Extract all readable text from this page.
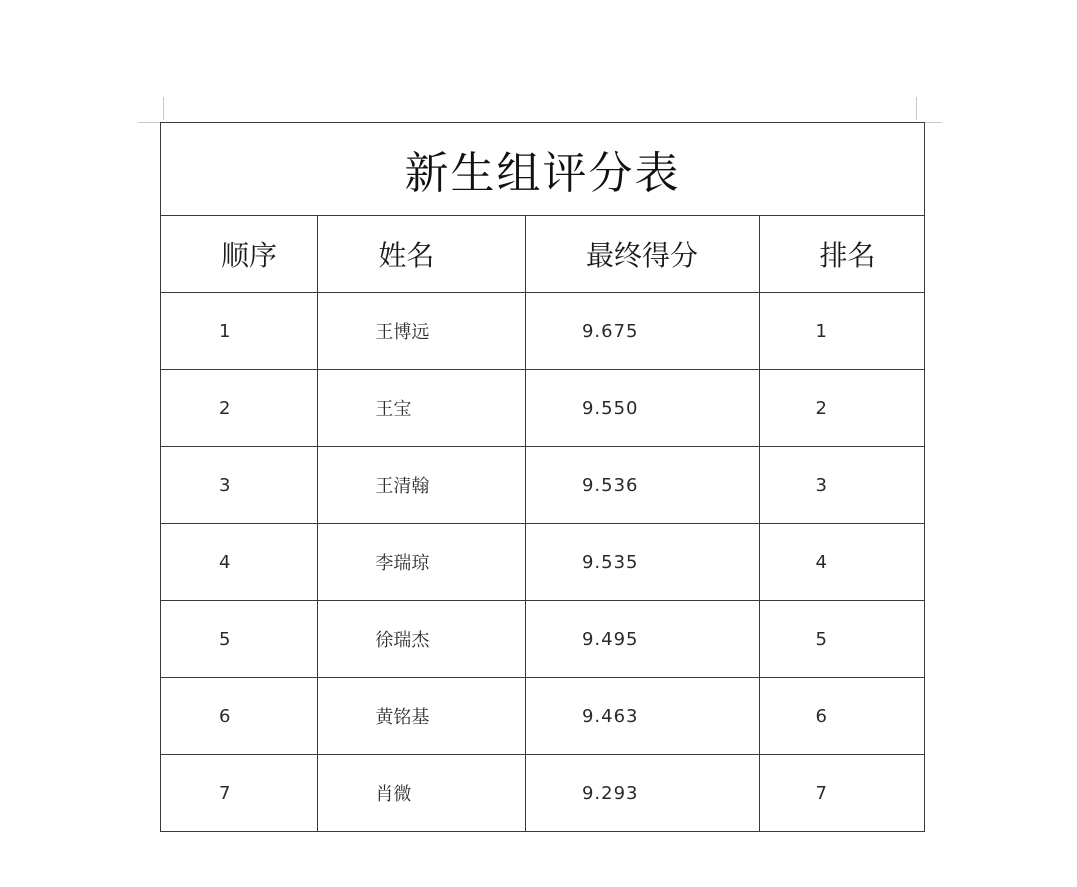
新生组评分表			
顺序	姓名	最终得分	排名
1	王博远	9.675	1
2	王宝	9.550	2
3	王清翰	9.536	3
4	李瑞琼	9.535	4
5	徐瑞杰	9.495	5
6	黄铭基	9.463	6
7	肖微	9.293	7
